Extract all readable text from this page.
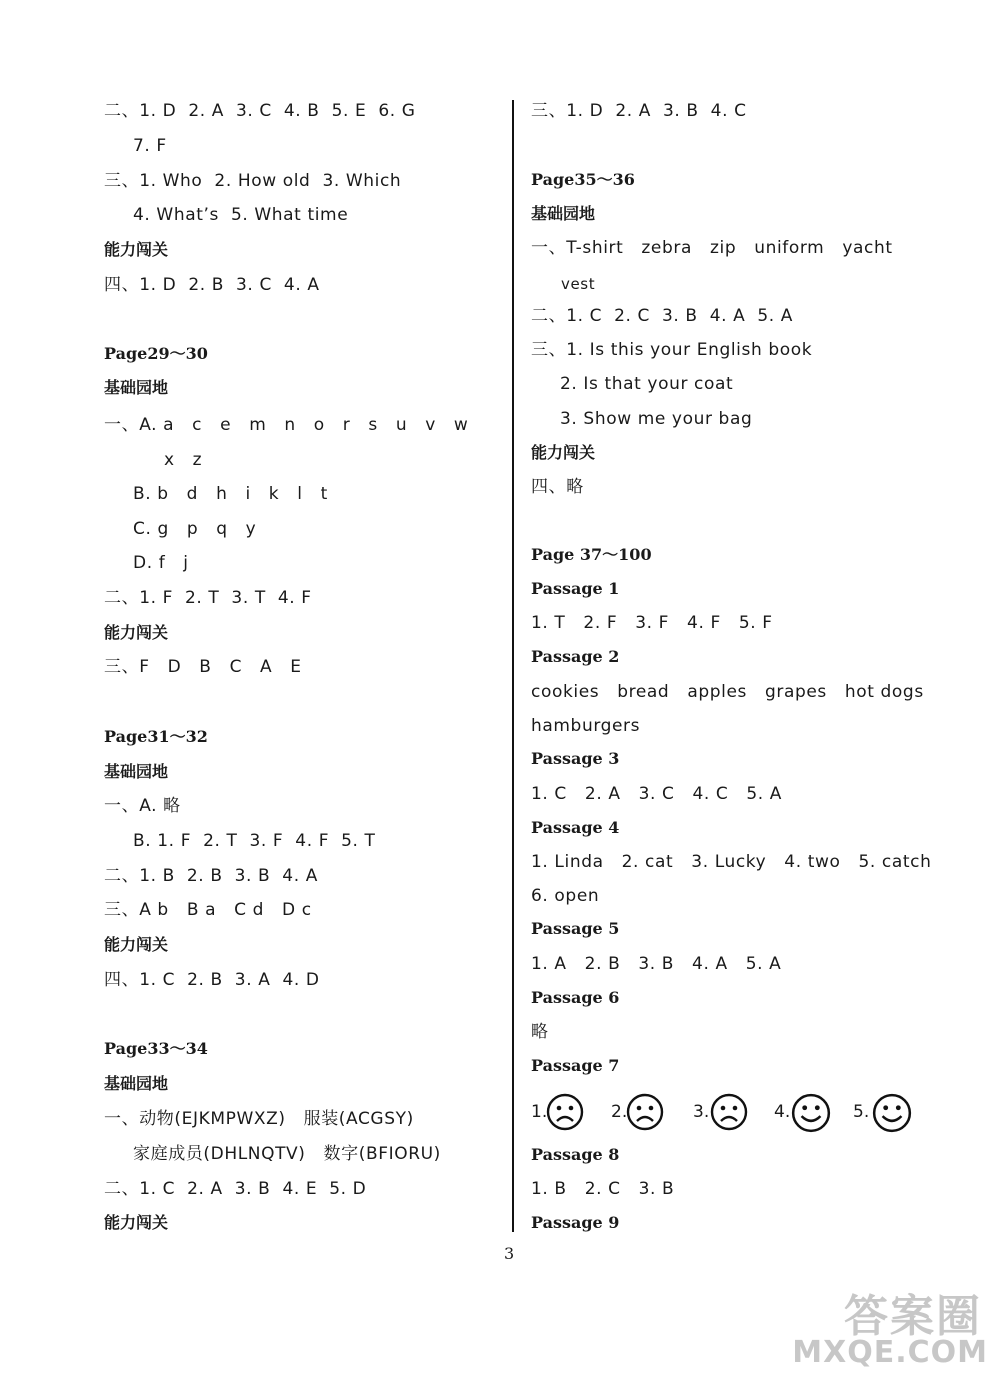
二、1. D  2. A  3. C  4. B  5. E  6. G
7. F
三、1. Who  2. How old  3. Which
4. What’s  5. What time
能力闯关
四、1. D  2. B  3. C  4. A
Page29～30
基础园地
一、A. a   c   e   m   n   o   r   s   u   v   w
x   z
B. b   d   h   i   k   l   t
C. g   p   q   y
D. f   j
二、1. F  2. T  3. T  4. F
能力闯关
三、F   D   B   C   A   E
Page31～32
基础园地
一、A. 略
B. 1. F  2. T  3. F  4. F  5. T
二、1. B  2. B  3. B  4. A
三、A b   B a   C d   D c
能力闯关
四、1. C  2. B  3. A  4. D
Page33～34
基础园地
一、动物(EJKMPWXZ)   服装(ACGSY)
家庭成员(DHLNQTV)   数字(BFIORU)
二、1. C  2. A  3. B  4. E  5. D
能力闯关
三、1. D  2. A  3. B  4. C
Page35～36
基础园地
一、T-shirt   zebra   zip   uniform   yacht
vest
二、1. C  2. C  3. B  4. A  5. A
三、1. Is this your English book
2. Is that your coat
3. Show me your bag
能力闯关
四、略
Page 37～100
Passage 1
1. T   2. F   3. F   4. F   5. F
Passage 2
cookies   bread   apples   grapes   hot dogs
hamburgers
Passage 3
1. C   2. A   3. C   4. C   5. A
Passage 4
1. Linda   2. cat   3. Lucky   4. two   5. catch
6. open
Passage 5
1. A   2. B   3. B   4. A   5. A
Passage 6
略
Passage 7
1.	2.	3.	4.	5.
Passage 8
1. B   2. C   3. B
Passage 9
3
答案圈
MXQE.COM
